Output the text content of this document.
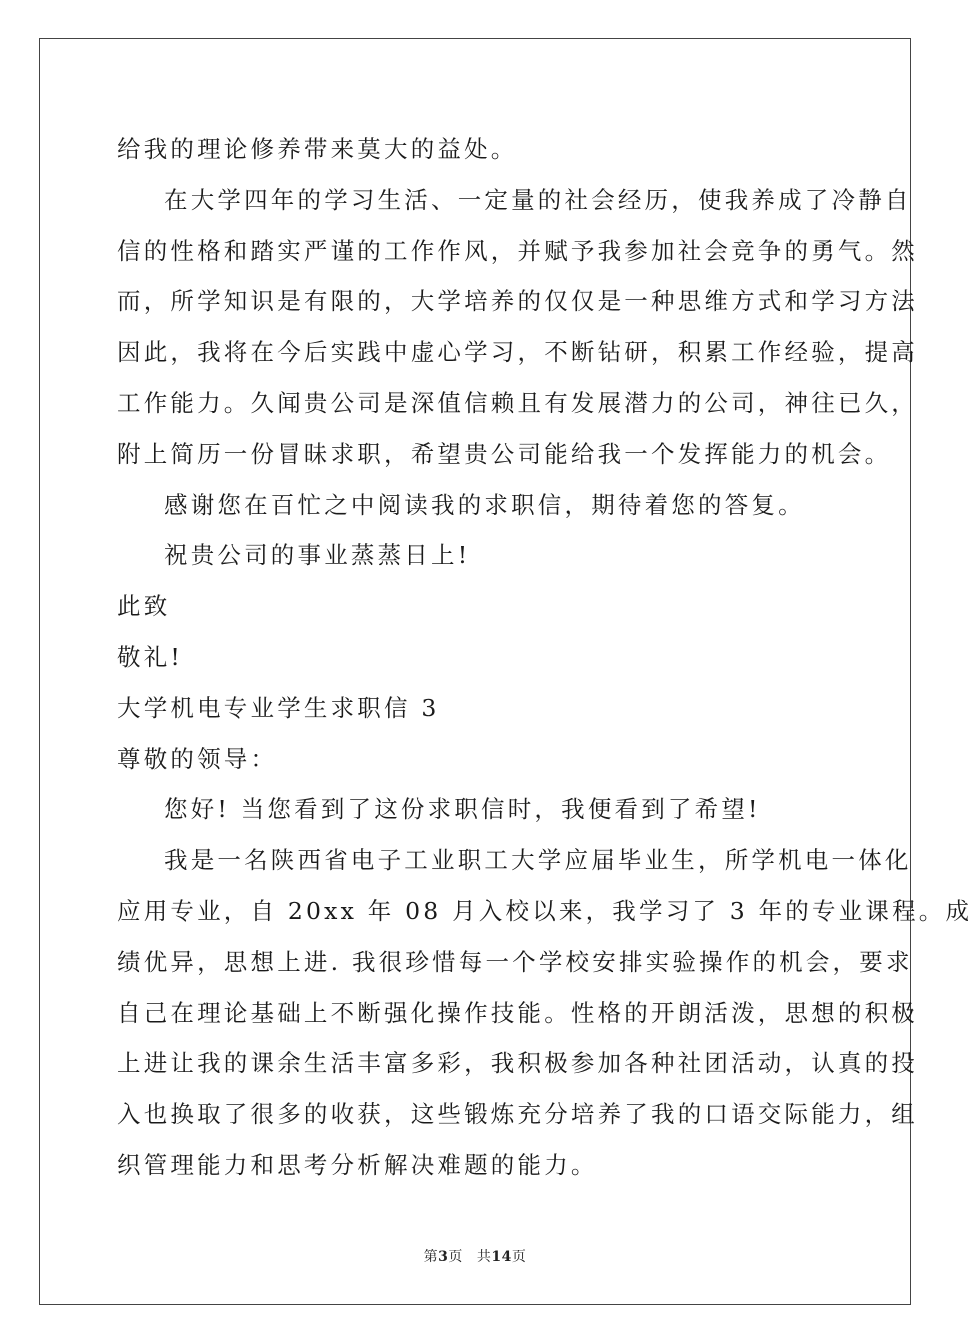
给我的理论修养带来莫大的益处。
在大学四年的学习生活、一定量的社会经历，使我养成了冷静自
信的性格和踏实严谨的工作作风，并赋予我参加社会竞争的勇气。然
而，所学知识是有限的，大学培养的仅仅是一种思维方式和学习方法
因此，我将在今后实践中虚心学习，不断钻研，积累工作经验，提高
工作能力。久闻贵公司是深值信赖且有发展潜力的公司，神往已久，
附上简历一份冒昧求职，希望贵公司能给我一个发挥能力的机会。
感谢您在百忙之中阅读我的求职信，期待着您的答复。
祝贵公司的事业蒸蒸日上!
此致
敬礼!
大学机电专业学生求职信 3
尊敬的领导：
您好! 当您看到了这份求职信时，我便看到了希望!
我是一名陕西省电子工业职工大学应届毕业生，所学机电一体化
应用专业，自 20xx 年 08 月入校以来，我学习了 3 年的专业课程。成
绩优异，思想上进. 我很珍惜每一个学校安排实验操作的机会，要求
自己在理论基础上不断强化操作技能。性格的开朗活泼，思想的积极
上进让我的课余生活丰富多彩，我积极参加各种社团活动，认真的投
入也换取了很多的收获，这些锻炼充分培养了我的口语交际能力，组
织管理能力和思考分析解决难题的能力。
第3页 共14页
